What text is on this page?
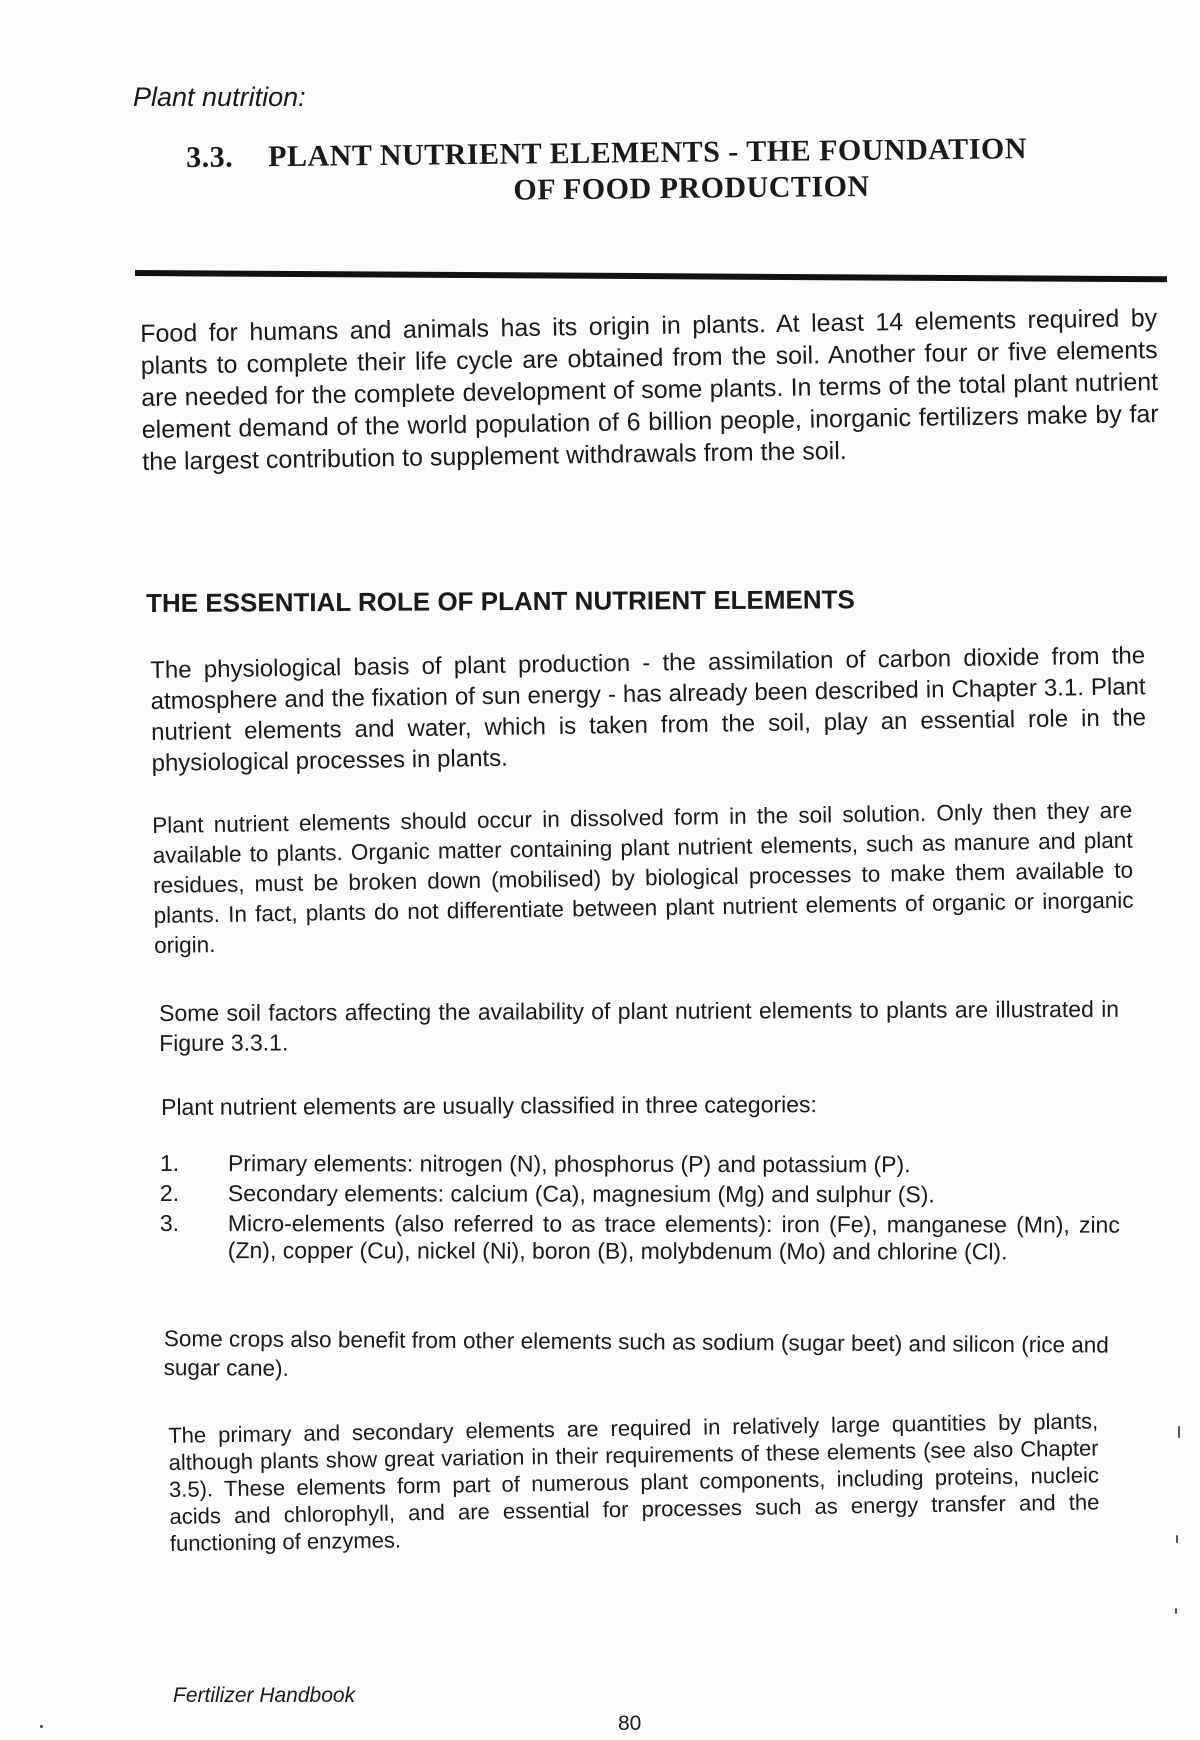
Plant nutrition:
3.3. PLANT NUTRIENT ELEMENTS - THE FOUNDATION
OF FOOD PRODUCTION

Food for humans and animals has its origin in plants. At least 14 elements required by plants to complete their life cycle are obtained from the soil. Another four or five elements are needed for the complete development of some plants. In terms of the total plant nutrient element demand of the world population of 6 billion people, inorganic fertilizers make by far the largest contribution to supplement withdrawals from the soil.

THE ESSENTIAL ROLE OF PLANT NUTRIENT ELEMENTS

The physiological basis of plant production - the assimilation of carbon dioxide from the atmosphere and the fixation of sun energy - has already been described in Chapter 3.1. Plant nutrient elements and water, which is taken from the soil, play an essential role in the physiological processes in plants.

Plant nutrient elements should occur in dissolved form in the soil solution. Only then they are available to plants. Organic matter containing plant nutrient elements, such as manure and plant residues, must be broken down (mobilised) by biological processes to make them available to plants. In fact, plants do not differentiate between plant nutrient elements of organic or inorganic origin.

Some soil factors affecting the availability of plant nutrient elements to plants are illustrated in Figure 3.3.1.

Plant nutrient elements are usually classified in three categories:

1.	Primary elements: nitrogen (N), phosphorus (P) and potassium (P).
2.	Secondary elements: calcium (Ca), magnesium (Mg) and sulphur (S).
3.	Micro-elements (also referred to as trace elements): iron (Fe), manganese (Mn), zinc (Zn), copper (Cu), nickel (Ni), boron (B), molybdenum (Mo) and chlorine (Cl).

Some crops also benefit from other elements such as sodium (sugar beet) and silicon (rice and sugar cane).

The primary and secondary elements are required in relatively large quantities by plants, although plants show great variation in their requirements of these elements (see also Chapter 3.5). These elements form part of numerous plant components, including proteins, nucleic acids and chlorophyll, and are essential for processes such as energy transfer and the functioning of enzymes.

Fertilizer Handbook
80
